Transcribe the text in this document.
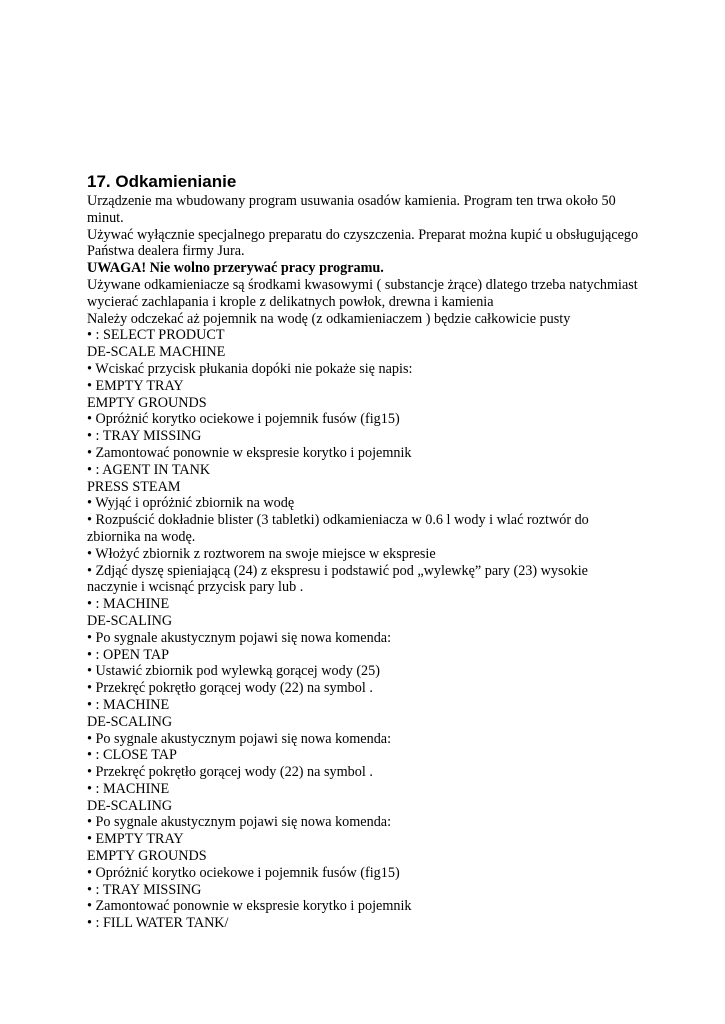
17. Odkamienianie

Urządzenie ma wbudowany program usuwania osadów kamienia. Program ten trwa około 50

minut.

Używać wyłącznie specjalnego preparatu do czyszczenia. Preparat można kupić u obsługującego

Państwa dealera firmy Jura.

UWAGA! Nie wolno przerywać pracy programu.

Używane odkamieniacze są środkami kwasowymi ( substancje żrące) dlatego trzeba natychmiast

wycierać zachlapania i krople z delikatnych powłok, drewna i kamienia

Należy odczekać aż pojemnik na wodę (z odkamieniaczem ) będzie całkowicie pusty

• : SELECT PRODUCT

DE-SCALE MACHINE

• Wciskać przycisk płukania dopóki nie pokaże się napis:

• EMPTY TRAY

EMPTY GROUNDS

• Opróżnić korytko ociekowe i pojemnik fusów (fig15)

• : TRAY MISSING

• Zamontować ponownie w ekspresie korytko i pojemnik

• : AGENT IN TANK

PRESS STEAM

• Wyjąć i opróżnić zbiornik na wodę

• Rozpuścić dokładnie blister (3 tabletki) odkamieniacza w 0.6 l wody i wlać roztwór do

zbiornika na wodę.

• Włożyć zbiornik z roztworem na swoje miejsce w ekspresie

• Zdjąć dyszę spieniającą (24) z ekspresu i podstawić pod „wylewkę” pary (23) wysokie

naczynie i wcisnąć przycisk pary lub .

• : MACHINE

DE-SCALING

• Po sygnale akustycznym pojawi się nowa komenda:

• : OPEN TAP

• Ustawić zbiornik pod wylewką gorącej wody (25)

• Przekręć pokrętło gorącej wody (22) na symbol .

• : MACHINE

DE-SCALING

• Po sygnale akustycznym pojawi się nowa komenda:

• : CLOSE TAP

• Przekręć pokrętło gorącej wody (22) na symbol .

• : MACHINE

DE-SCALING

• Po sygnale akustycznym pojawi się nowa komenda:

• EMPTY TRAY

EMPTY GROUNDS

• Opróżnić korytko ociekowe i pojemnik fusów (fig15)

• : TRAY MISSING

• Zamontować ponownie w ekspresie korytko i pojemnik

• : FILL WATER TANK/
